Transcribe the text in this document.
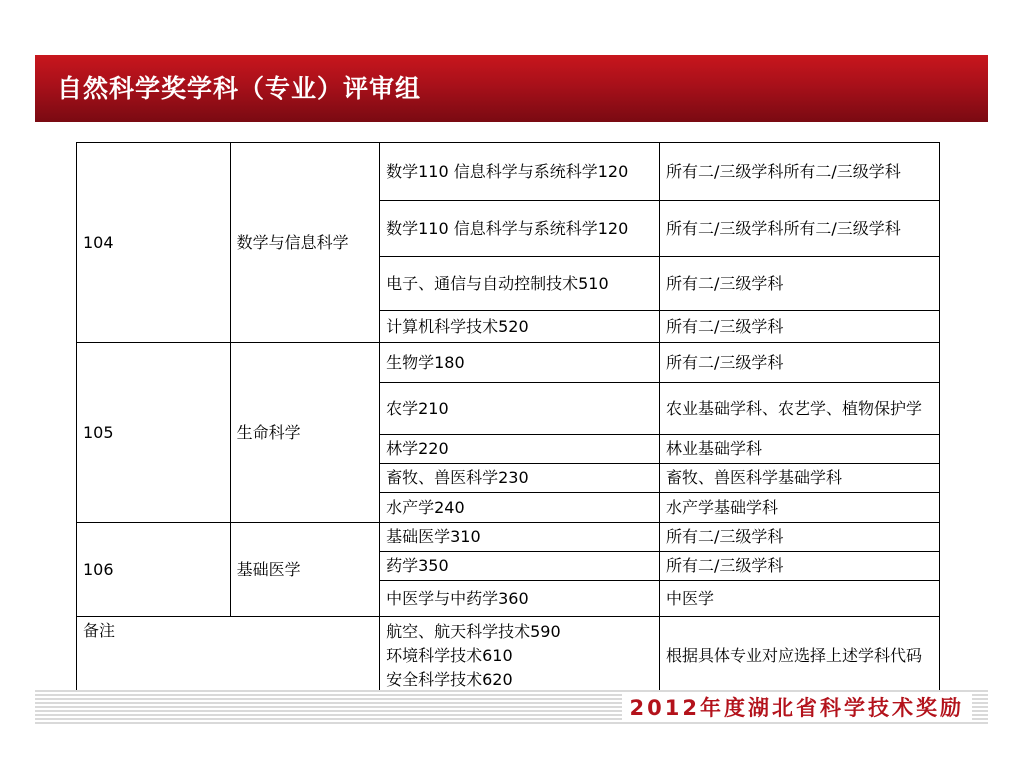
自然科学奖学科（专业）评审组
104	数学与信息科学	数学110 信息科学与系统科学120	所有二/三级学科所有二/三级学科
		数学110 信息科学与系统科学120	所有二/三级学科所有二/三级学科
		电子、通信与自动控制技术510	所有二/三级学科
		计算机科学技术520	所有二/三级学科
105	生命科学	生物学180	所有二/三级学科
		农学210	农业基础学科、农艺学、植物保护学
		林学220	林业基础学科
		畜牧、兽医科学230	畜牧、兽医科学基础学科
		水产学240	水产学基础学科
106	基础医学	基础医学310	所有二/三级学科
		药学350	所有二/三级学科
		中医学与中药学360	中医学
备注		航空、航天科学技术590
环境科学技术610
安全科学技术620	根据具体专业对应选择上述学科代码
2012年度湖北省科学技术奖励
